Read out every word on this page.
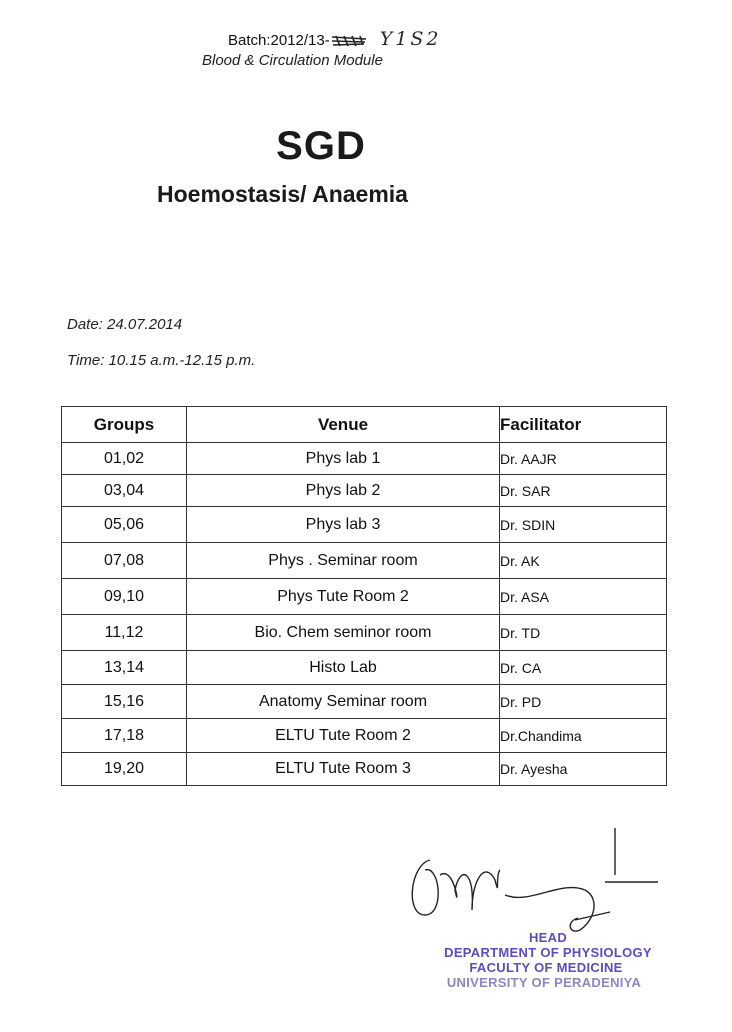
Batch:2012/13-	Y1S2
Blood & Circulation Module
SGD
Hoemostasis/ Anaemia
Date: 24.07.2014
Time: 10.15 a.m.-12.15 p.m.
Groups	Venue	Facilitator
01,02	Phys lab 1	Dr. AAJR
03,04	Phys lab 2	Dr. SAR
05,06	Phys lab 3	Dr. SDIN
07,08	Phys . Seminar room	Dr. AK
09,10	Phys Tute Room 2	Dr. ASA
11,12	Bio. Chem seminor room	Dr. TD
13,14	Histo Lab	Dr. CA
15,16	Anatomy Seminar room	Dr. PD
17,18	ELTU Tute Room 2	Dr.Chandima
19,20	ELTU Tute Room 3	Dr. Ayesha
HEAD
DEPARTMENT OF PHYSIOLOGY
FACULTY OF MEDICINE
UNIVERSITY OF PERADENIYA
